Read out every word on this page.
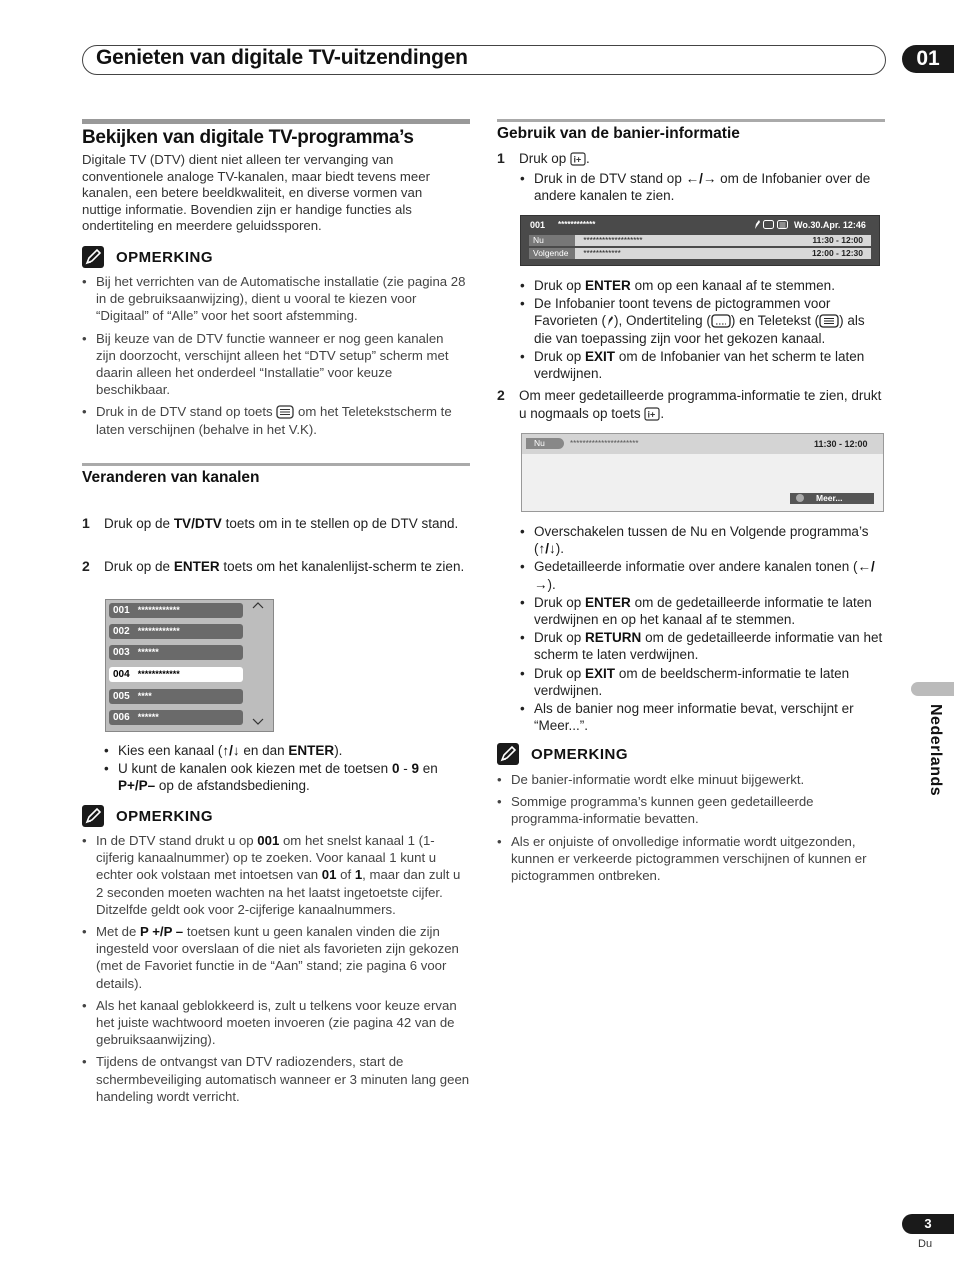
Genieten van digitale TV-uitzendingen	01
Bekijken van digitale TV-programma’s
Digitale TV (DTV) dient niet alleen ter vervanging van conventionele analoge TV-kanalen, maar biedt tevens meer kanalen, een betere beeldkwaliteit, en diverse vormen van nuttige informatie. Bovendien zijn er handige functies als ondertiteling en meerdere geluidssporen.
OPMERKING
• Bij het verrichten van de Automatische installatie (zie pagina 28 in de gebruiksaanwijzing), dient u vooral te kiezen voor “Digitaal” of “Alle” voor het soort afstemming.
• Bij keuze van de DTV functie wanneer er nog geen kanalen zijn doorzocht, verschijnt alleen het “DTV setup” scherm met daarin alleen het onderdeel “Installatie” voor keuze beschikbaar.
• Druk in de DTV stand op toets om het Teletekstscherm te laten verschijnen (behalve in het V.K).
Veranderen van kanalen
1	Druk op de TV/DTV toets om in te stellen op de DTV stand.
2	Druk op de ENTER toets om het kanalenlijst-scherm te zien.
001 ************
002 ************
003 ******
004 ************
005 ****
006 ******
• Kies een kanaal (↑/↓ en dan ENTER).
• U kunt de kanalen ook kiezen met de toetsen 0 - 9 en P+/P– op de afstandsbediening.
OPMERKING
• In de DTV stand drukt u op 001 om het snelst kanaal 1 (1-cijferig kanaalnummer) op te zoeken. Voor kanaal 1 kunt u echter ook volstaan met intoetsen van 01 of 1, maar dan zult u 2 seconden moeten wachten na het laatst ingetoetste cijfer. Ditzelfde geldt ook voor 2-cijferige kanaalnummers.
• Met de P +/P – toetsen kunt u geen kanalen vinden die zijn ingesteld voor overslaan of die niet als favorieten zijn gekozen (met de Favoriet functie in de “Aan” stand; zie pagina 6 voor details).
• Als het kanaal geblokkeerd is, zult u telkens voor keuze ervan het juiste wachtwoord moeten invoeren (zie pagina 42 van de gebruiksaanwijzing).
• Tijdens de ontvangst van DTV radiozenders, start de schermbeveiliging automatisch wanneer er 3 minuten lang geen handeling wordt verricht.
Gebruik van de banier-informatie
1	Druk op i+ .
• Druk in de DTV stand op ←/→ om de Infobanier over de andere kanalen te zien.
001 ************	Wo.30.Apr. 12:46
Nu	*******************	11:30 - 12:00
Volgende ************	12:00 - 12:30
• Druk op ENTER om op een kanaal af te stemmen.
• De Infobanier toont tevens de pictogrammen voor Favorieten ( ), Ondertiteling ( ) en Teletekst ( ) als die van toepassing zijn voor het gekozen kanaal.
• Druk op EXIT om de Infobanier van het scherm te laten verdwijnen.
2	Om meer gedetailleerde programma-informatie te zien, drukt u nogmaals op toets i+ .
Nu	**********************	11:30 - 12:00
Meer...
• Overschakelen tussen de Nu en Volgende programma’s (↑/↓).
• Gedetailleerde informatie over andere kanalen tonen (←/→).
• Druk op ENTER om de gedetailleerde informatie te laten verdwijnen en op het kanaal af te stemmen.
• Druk op RETURN om de gedetailleerde informatie van het scherm te laten verdwijnen.
• Druk op EXIT om de beeldscherm-informatie te laten verdwijnen.
• Als de banier nog meer informatie bevat, verschijnt er “Meer...”.
OPMERKING
• De banier-informatie wordt elke minuut bijgewerkt.
• Sommige programma’s kunnen geen gedetailleerde programma-informatie bevatten.
• Als er onjuiste of onvolledige informatie wordt uitgezonden, kunnen er verkeerde pictogrammen verschijnen of kunnen er pictogrammen ontbreken.
Nederlands
3
Du
